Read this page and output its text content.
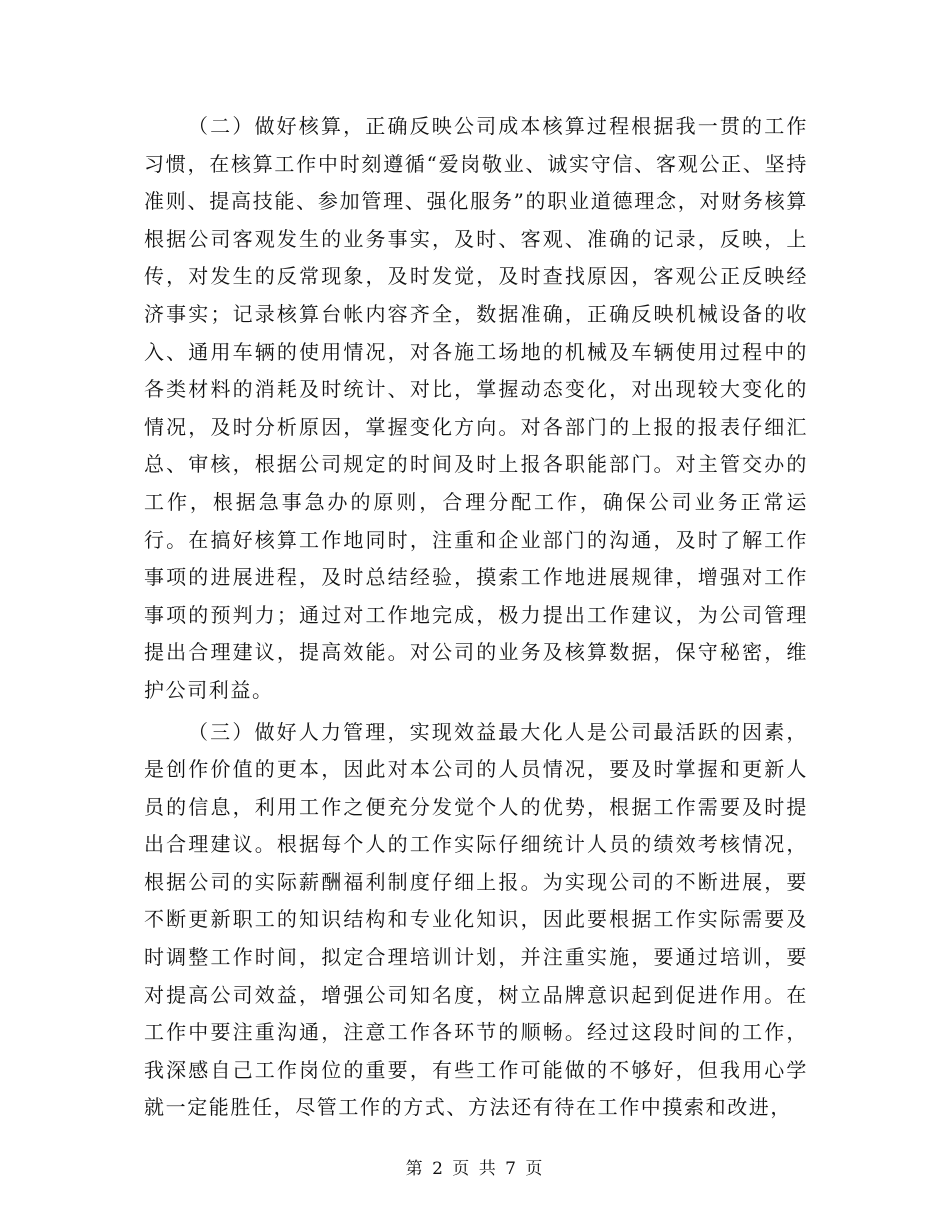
（二）做好核算，正确反映公司成本核算过程根据我一贯的工作习惯，在核算工作中时刻遵循“爱岗敬业、诚实守信、客观公正、坚持准则、提高技能、参加管理、强化服务”的职业道德理念，对财务核算根据公司客观发生的业务事实，及时、客观、准确的记录，反映，上传，对发生的反常现象，及时发觉，及时查找原因，客观公正反映经济事实；记录核算台帐内容齐全，数据准确，正确反映机械设备的收入、通用车辆的使用情况，对各施工场地的机械及车辆使用过程中的各类材料的消耗及时统计、对比，掌握动态变化，对出现较大变化的情况，及时分析原因，掌握变化方向。对各部门的上报的报表仔细汇总、审核，根据公司规定的时间及时上报各职能部门。对主管交办的工作，根据急事急办的原则，合理分配工作，确保公司业务正常运行。在搞好核算工作地同时，注重和企业部门的沟通，及时了解工作事项的进展进程，及时总结经验，摸索工作地进展规律，增强对工作事项的预判力；通过对工作地完成，极力提出工作建议，为公司管理提出合理建议，提高效能。对公司的业务及核算数据，保守秘密，维护公司利益。

（三）做好人力管理，实现效益最大化人是公司最活跃的因素，是创作价值的更本，因此对本公司的人员情况，要及时掌握和更新人员的信息，利用工作之便充分发觉个人的优势，根据工作需要及时提出合理建议。根据每个人的工作实际仔细统计人员的绩效考核情况，根据公司的实际薪酬福利制度仔细上报。为实现公司的不断进展，要不断更新职工的知识结构和专业化知识，因此要根据工作实际需要及时调整工作时间，拟定合理培训计划，并注重实施，要通过培训，要对提高公司效益，增强公司知名度，树立品牌意识起到促进作用。在工作中要注重沟通，注意工作各环节的顺畅。经过这段时间的工作，我深感自己工作岗位的重要，有些工作可能做的不够好，但我用心学就一定能胜任，尽管工作的方式、方法还有待在工作中摸索和改进，

第 2 页 共 7 页
